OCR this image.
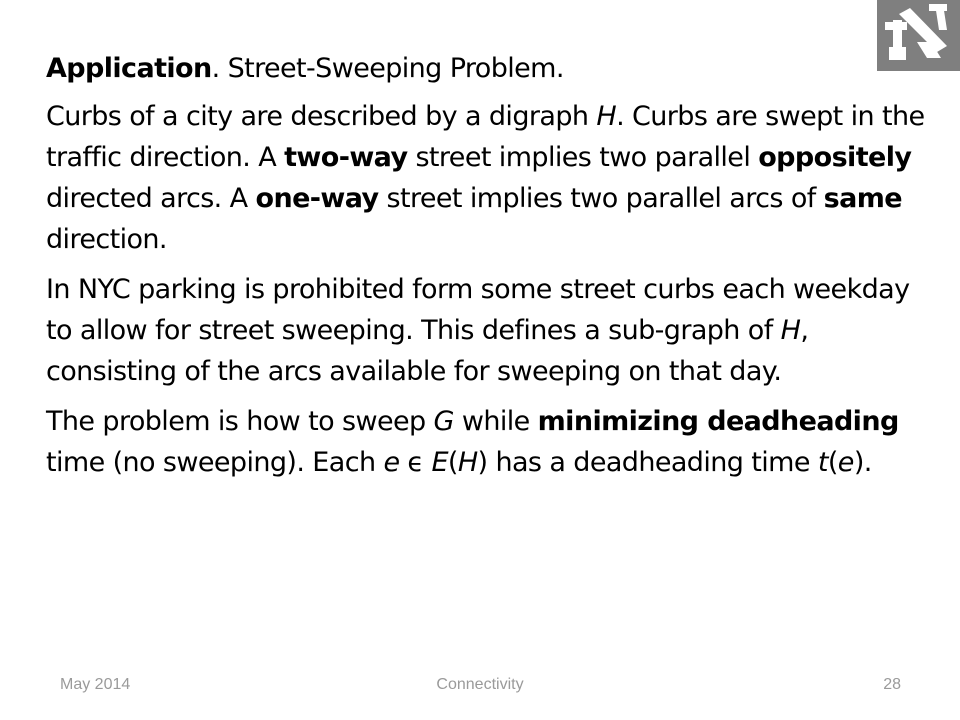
Application. Street-Sweeping Problem.

Curbs of a city are described by a digraph H. Curbs are swept in the traffic direction. A two-way street implies two parallel oppositely directed arcs. A one-way street implies two parallel arcs of same direction.

In NYC parking is prohibited form some street curbs each weekday to allow for street sweeping. This defines a sub-graph of H, consisting of the arcs available for sweeping on that day.

The problem is how to sweep G while minimizing deadheading time (no sweeping). Each e ϵ E(H) has a deadheading time t(e).

May 2014	Connectivity	28
